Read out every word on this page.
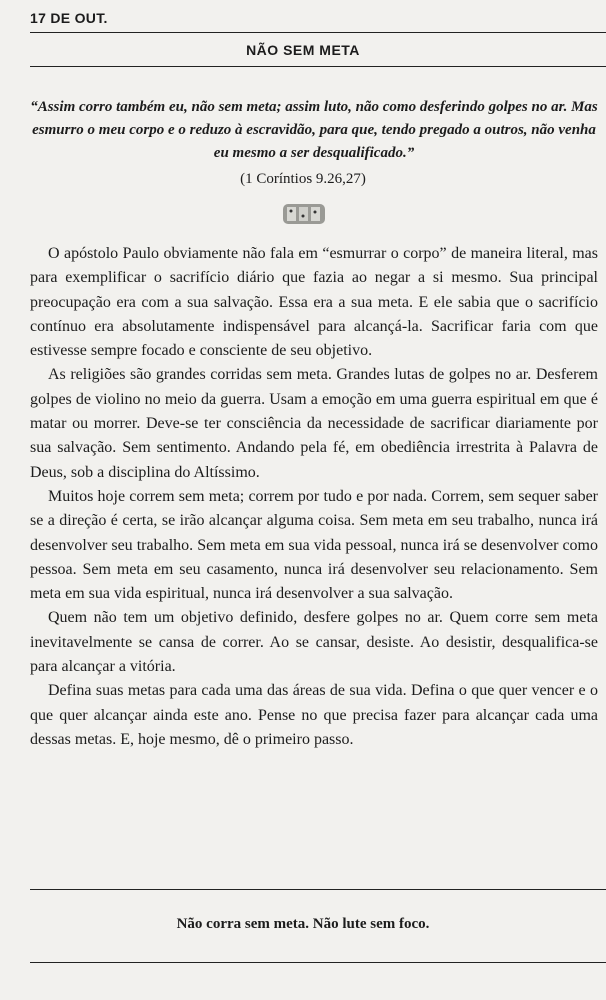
17 DE OUT.
NÃO SEM META
“Assim corro também eu, não sem meta; assim luto, não como desferindo golpes no ar. Mas esmurro o meu corpo e o reduzo à escravidão, para que, tendo pregado a outros, não venha eu mesmo a ser desqualificado.”
(1 Coríntios 9.26,27)

O apóstolo Paulo obviamente não fala em “esmurrar o corpo” de maneira literal, mas para exemplificar o sacrifício diário que fazia ao negar a si mesmo. Sua principal preocupação era com a sua salvação. Essa era a sua meta. E ele sabia que o sacrifício contínuo era absolutamente indispensável para alcançá-la. Sacrificar faria com que estivesse sempre focado e consciente de seu objetivo.

As religiões são grandes corridas sem meta. Grandes lutas de golpes no ar. Desferem golpes de violino no meio da guerra. Usam a emoção em uma guerra espiritual em que é matar ou morrer. Deve-se ter consciência da necessidade de sacrificar diariamente por sua salvação. Sem sentimento. Andando pela fé, em obediência irrestrita à Palavra de Deus, sob a disciplina do Altíssimo.

Muitos hoje correm sem meta; correm por tudo e por nada. Correm, sem sequer saber se a direção é certa, se irão alcançar alguma coisa. Sem meta em seu trabalho, nunca irá desenvolver seu trabalho. Sem meta em sua vida pessoal, nunca irá se desenvolver como pessoa. Sem meta em seu casamento, nunca irá desenvolver seu relacionamento. Sem meta em sua vida espiritual, nunca irá desenvolver a sua salvação.

Quem não tem um objetivo definido, desfere golpes no ar. Quem corre sem meta inevitavelmente se cansa de correr. Ao se cansar, desiste. Ao desistir, desqualifica-se para alcançar a vitória.

Defina suas metas para cada uma das áreas de sua vida. Defina o que quer vencer e o que quer alcançar ainda este ano. Pense no que precisa fazer para alcançar cada uma dessas metas. E, hoje mesmo, dê o primeiro passo.

Não corra sem meta. Não lute sem foco.
